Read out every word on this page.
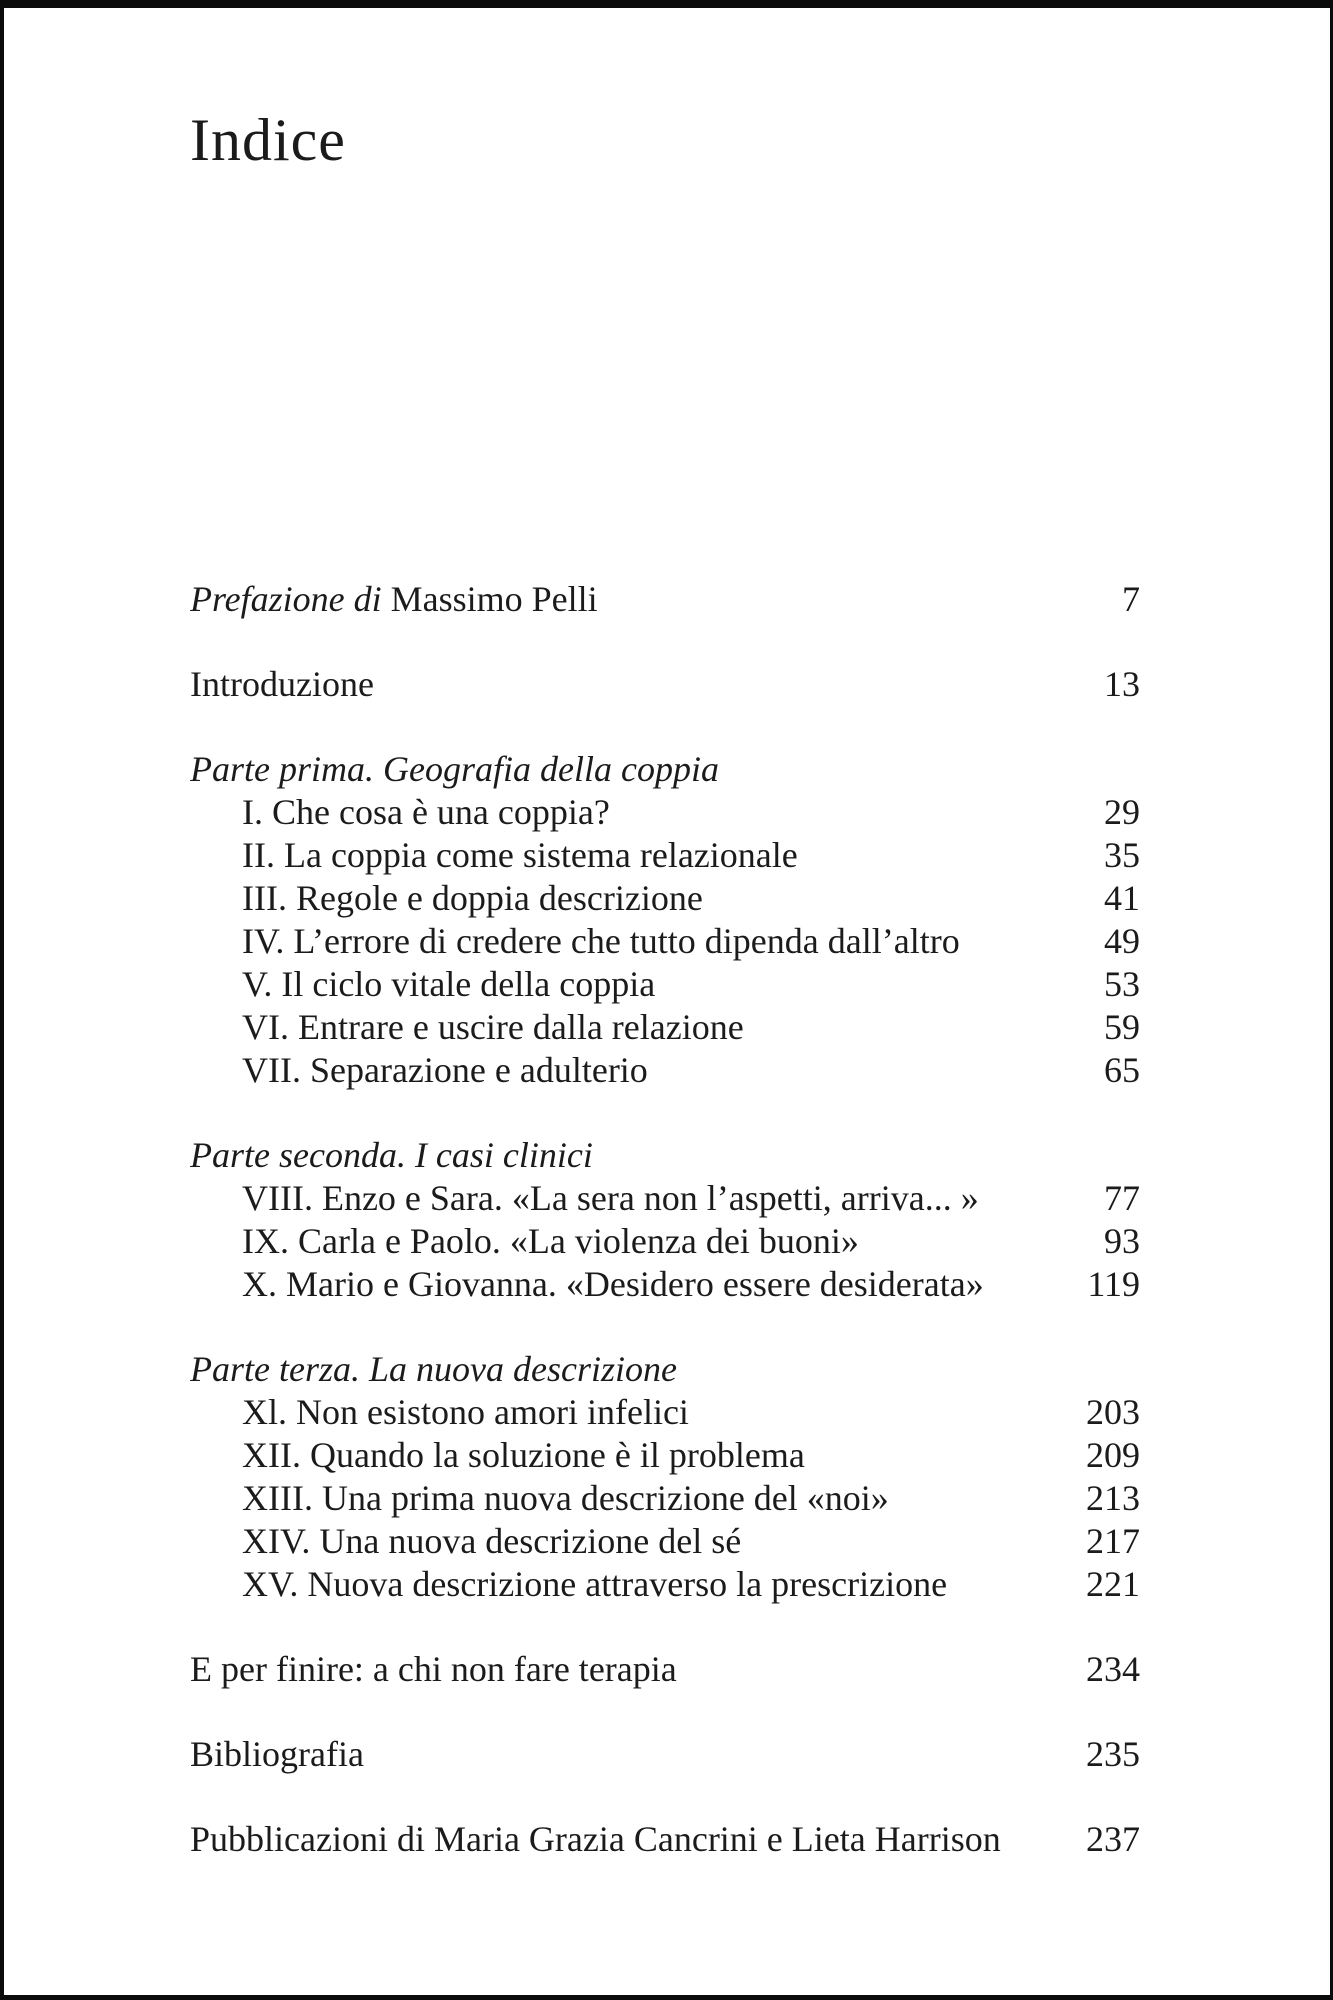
Indice
Prefazione di Massimo Pelli	7
Introduzione	13
Parte prima. Geografia della coppia
I. Che cosa è una coppia?	29
II. La coppia come sistema relazionale	35
III. Regole e doppia descrizione	41
IV. L’errore di credere che tutto dipenda dall’altro	49
V. Il ciclo vitale della coppia	53
VI. Entrare e uscire dalla relazione	59
VII. Separazione e adulterio	65
Parte seconda. I casi clinici
VIII. Enzo e Sara. «La sera non l’aspetti, arriva... »	77
IX. Carla e Paolo. «La violenza dei buoni»	93
X. Mario e Giovanna. «Desidero essere desiderata»	119
Parte terza. La nuova descrizione
Xl. Non esistono amori infelici	203
XII. Quando la soluzione è il problema	209
XIII. Una prima nuova descrizione del «noi»	213
XIV. Una nuova descrizione del sé	217
XV. Nuova descrizione attraverso la prescrizione	221
E per finire: a chi non fare terapia	234
Bibliografia	235
Pubblicazioni di Maria Grazia Cancrini e Lieta Harrison	237
